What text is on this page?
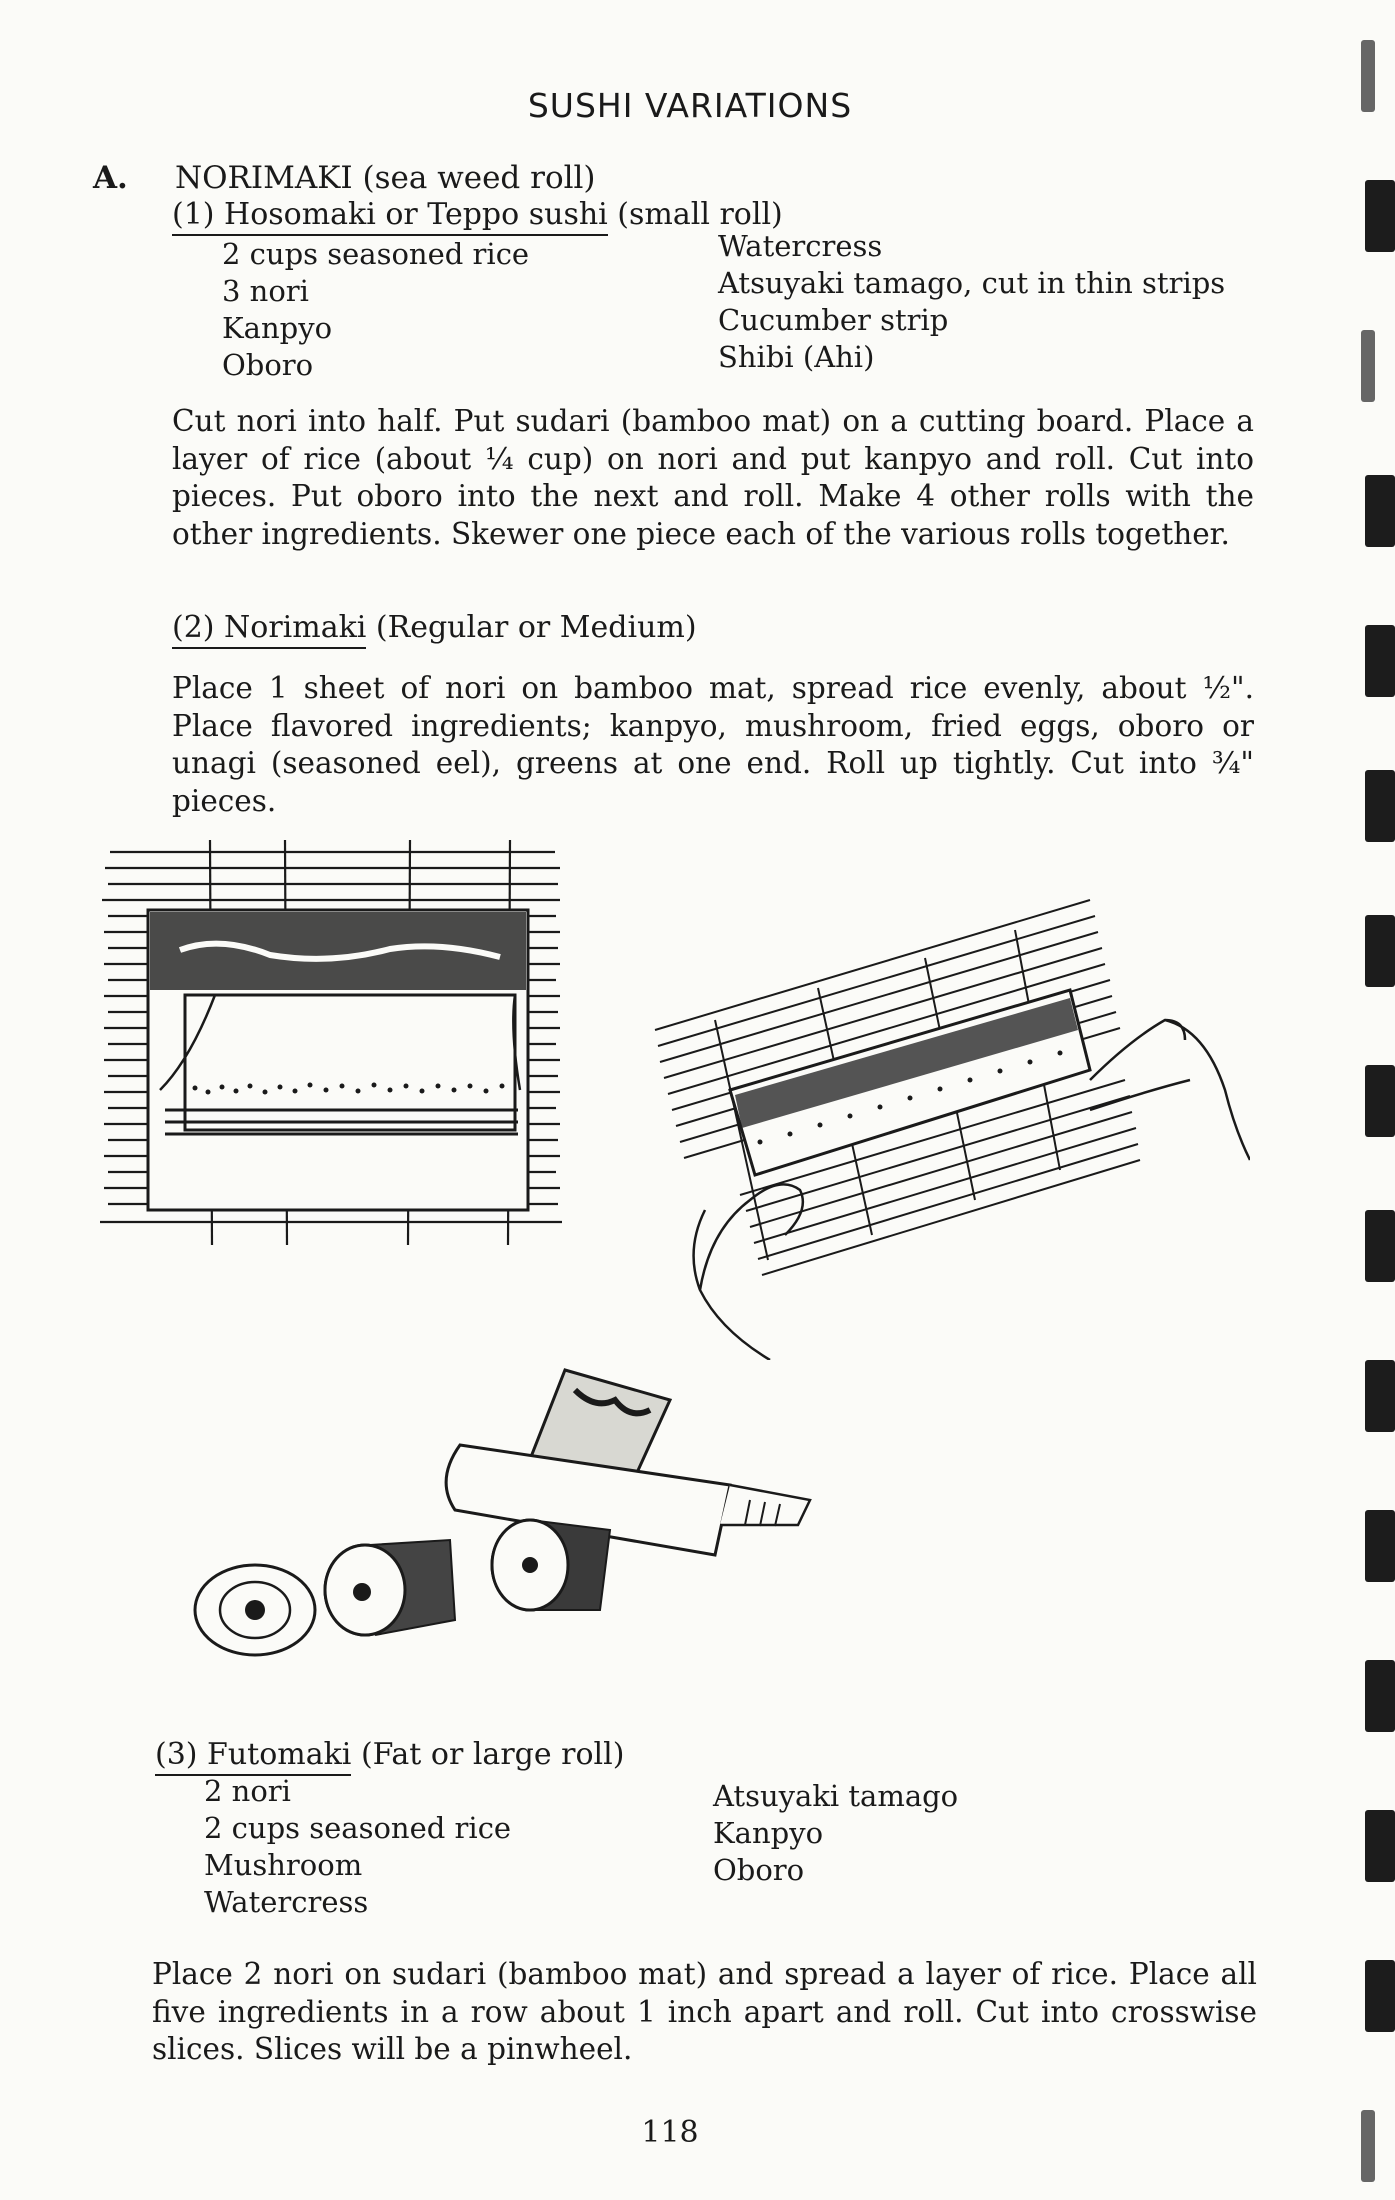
SUSHI VARIATIONS
A. NORIMAKI (sea weed roll)
(1) Hosomaki or Teppo sushi (small roll)
2 cups seasoned rice
3 nori
Kanpyo
Oboro
Watercress
Atsuyaki tamago, cut in thin strips
Cucumber strip
Shibi (Ahi)
Cut nori into half. Put sudari (bamboo mat) on a cutting board. Place a layer of rice (about ¼ cup) on nori and put kanpyo and roll. Cut into pieces. Put oboro into the next and roll. Make 4 other rolls with the other ingredients. Skewer one piece each of the various rolls together.
(2) Norimaki (Regular or Medium)
Place 1 sheet of nori on bamboo mat, spread rice evenly, about ½". Place flavored ingredients; kanpyo, mushroom, fried eggs, oboro or unagi (seasoned eel), greens at one end. Roll up tightly. Cut into ¾" pieces.
(3) Futomaki (Fat or large roll)
2 nori
2 cups seasoned rice
Mushroom
Watercress
Atsuyaki tamago
Kanpyo
Oboro
Place 2 nori on sudari (bamboo mat) and spread a layer of rice. Place all five ingredients in a row about 1 inch apart and roll. Cut into crosswise slices. Slices will be a pinwheel.
118
